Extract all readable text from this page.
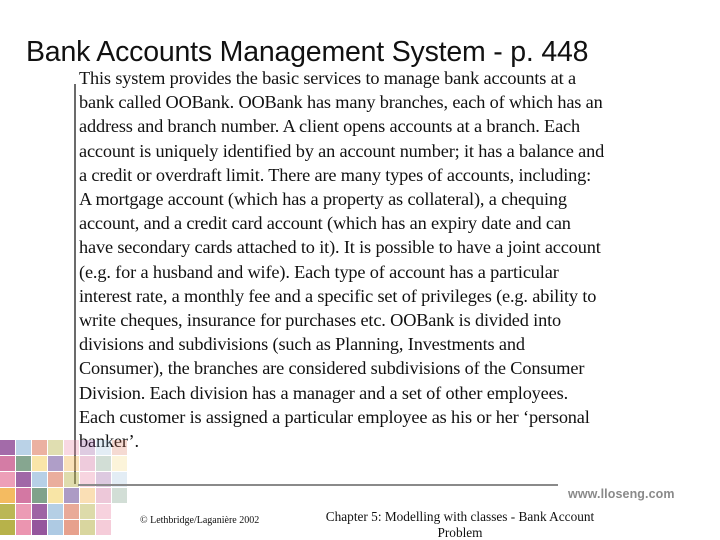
Bank Accounts Management System - p. 448
This system provides the basic services to manage bank accounts at a
bank called OOBank. OOBank has many branches, each of which has an
address and branch number. A client opens accounts at a branch. Each
account is uniquely identified by an account number; it has a balance and
a credit or overdraft limit. There are many types of accounts, including:
A mortgage account (which has a property as collateral), a chequing
account, and a credit card account (which has an expiry date and can
have secondary cards attached to it). It is possible to have a joint account
(e.g. for a husband and wife). Each type of account has a particular
interest rate, a monthly fee and a specific set of privileges (e.g. ability to
write cheques, insurance for purchases etc. OOBank is divided into
divisions and subdivisions (such as Planning, Investments and
Consumer), the branches are considered subdivisions of the Consumer
Division. Each division has a manager and a set of other employees.
Each customer is assigned a particular employee as his or her ‘personal
banker’.
www.lloseng.com
© Lethbridge/Laganière 2002	Chapter 5: Modelling with classes - Bank Account
Problem
